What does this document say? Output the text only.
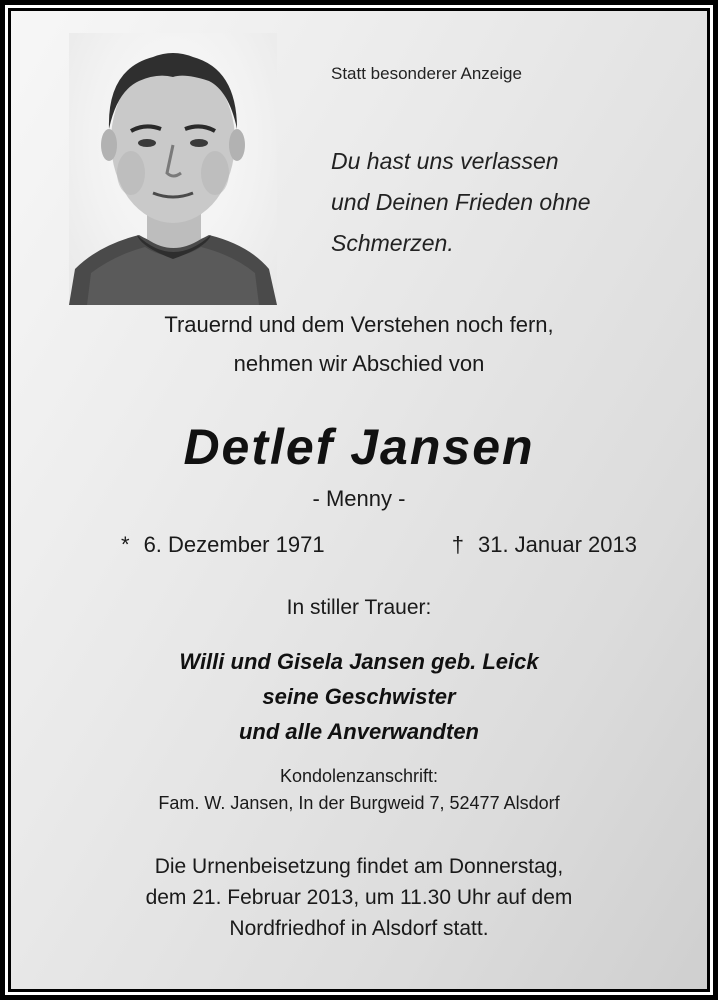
Statt besonderer Anzeige
Du hast uns verlassen
und Deinen Frieden ohne
Schmerzen.
Trauernd und dem Verstehen noch fern,
nehmen wir Abschied von
Detlef Jansen
- Menny -
* 6. Dezember 1971	† 31. Januar 2013
In stiller Trauer:
Willi und Gisela Jansen geb. Leick
seine Geschwister
und alle Anverwandten
Kondolenzanschrift:
Fam. W. Jansen, In der Burgweid 7, 52477 Alsdorf
Die Urnenbeisetzung findet am Donnerstag,
dem 21. Februar 2013, um 11.30 Uhr auf dem
Nordfriedhof in Alsdorf statt.
